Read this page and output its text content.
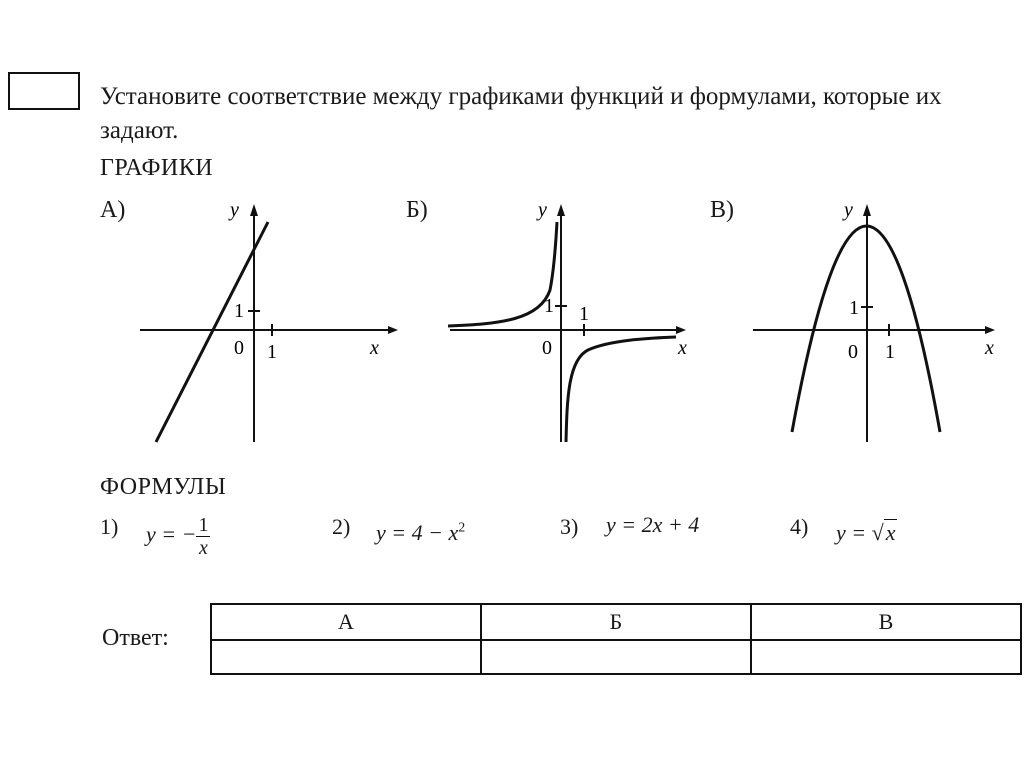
Установите соответствие между графиками функций и формулами, которые их задают.
ГРАФИКИ
А)	Б)	В)
y
x
0 1
1
y
x
0
1
1
y
x
0 1
1
ФОРМУЛЫ
1) y = − $\frac{1}{x}$	2) $y = 4 - x^2$	3) y = 2x + 4	4) y = √x
Ответ:
А	Б	В
